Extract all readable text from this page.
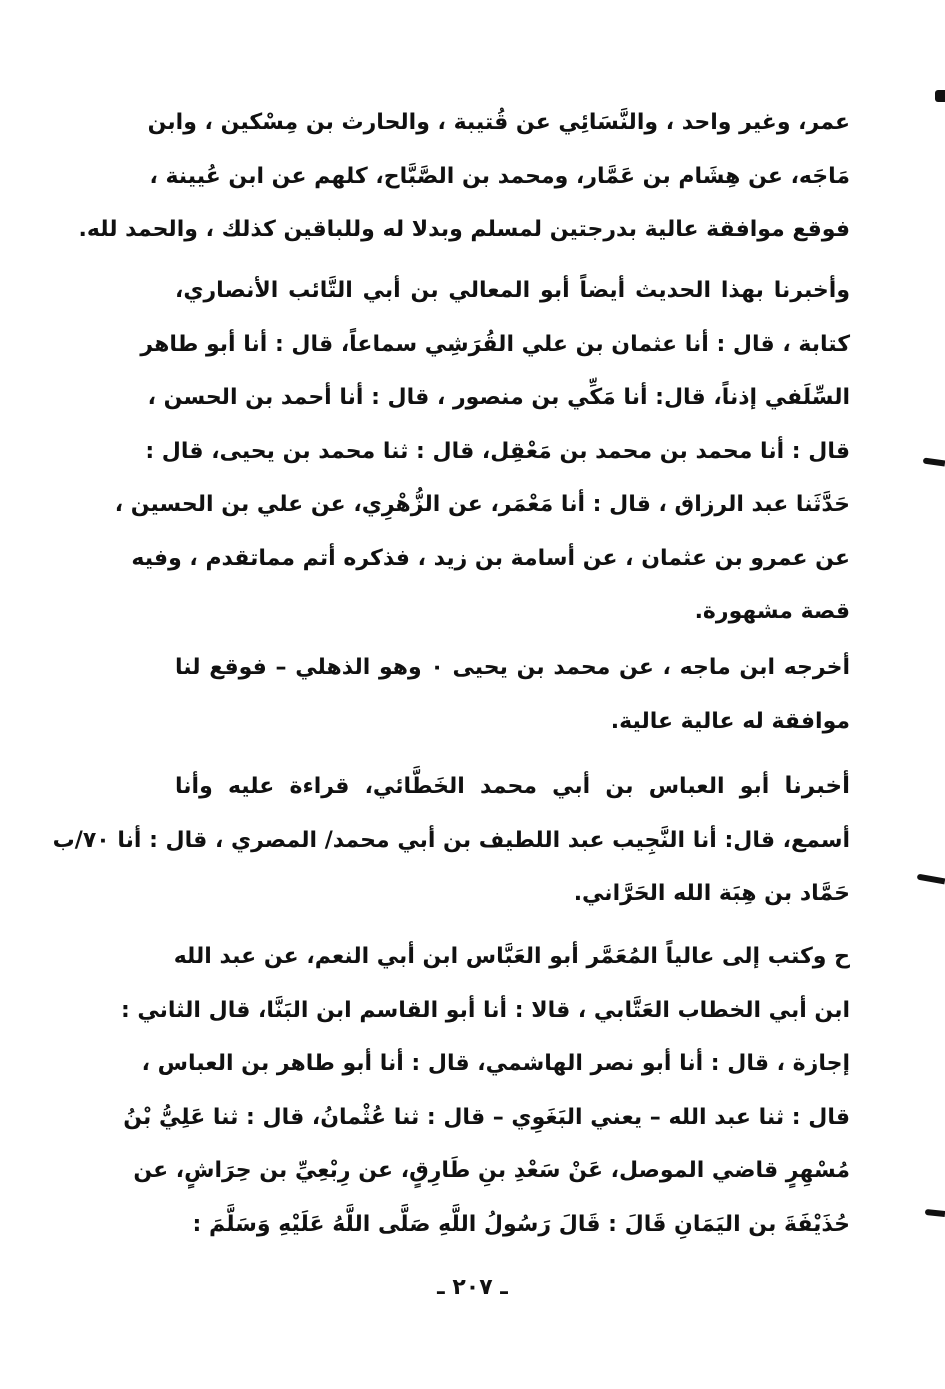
عمر، وغير واحد ، والنَّسَائِي عن قُتيبة ، والحارث بن مِسْكين ، وابن
مَاجَه، عن هِشَام بن عَمَّار، ومحمد بن الصَّبَّاح، كلهم عن ابن عُيينة ،
فوقع موافقة عالية بدرجتين لمسلم وبدلا له وللباقين كذلك ، والحمد لله.
وأخبرنا بهذا الحديث أيضاً أبو المعالي بن أبي التَّائب الأنصاري،
كتابة ، قال : أنا عثمان بن علي القُرَشِي سماعاً، قال : أنا أبو طاهر
السِّلَفي إذناً، قال: أنا مَكِّي بن منصور ، قال : أنا أحمد بن الحسن ،
قال : أنا محمد بن محمد بن مَعْقِل، قال : ثنا محمد بن يحيى، قال :
حَدَّثَنا عبد الرزاق ، قال : أنا مَعْمَر، عن الزُّهْرِي، عن علي بن الحسين ،
عن عمرو بن عثمان ، عن أسامة بن زيد ، فذكره أتم مماتقدم ، وفيه
قصة مشهورة.
أخرجه ابن ماجه ، عن محمد بن يحيى ٠ وهو الذهلي – فوقع لنا
موافقة له عالية عالية.
أخبرنا أبو العباس بن أبي محمد الخَطَّائي، قراءة عليه وأنا
أسمع، قال: أنا النَّجِيب عبد اللطيف بن أبي محمد/ المصري ، قال : أنا ٧٠/ب
حَمَّاد بن هِبَة الله الحَرَّاني.
ح وكتب إلى عالياً المُعَمَّر أبو العَبَّاس ابن أبي النعم، عن عبد الله
ابن أبي الخطاب العَتَّابي ، قالا : أنا أبو القاسم ابن البَنَّا، قال الثاني :
إجازة ، قال : أنا أبو نصر الهاشمي، قال : أنا أبو طاهر بن العباس ،
قال : ثنا عبد الله – يعني البَغَوِي – قال : ثنا عُثْمانُ، قال : ثنا عَلِيُّ بْنُ
مُسْهِرٍ قاضي الموصل، عَنْ سَعْدِ بنِ طَارِقٍ، عن رِبْعِيِّ بن حِرَاشٍ، عن
حُذَيْفَةَ بن اليَمَانِ قَالَ : قَالَ رَسُولُ اللَّهِ صَلَّى اللَّهُ عَلَيْهِ وَسَلَّمَ :
ـ ٢٠٧ ـ
